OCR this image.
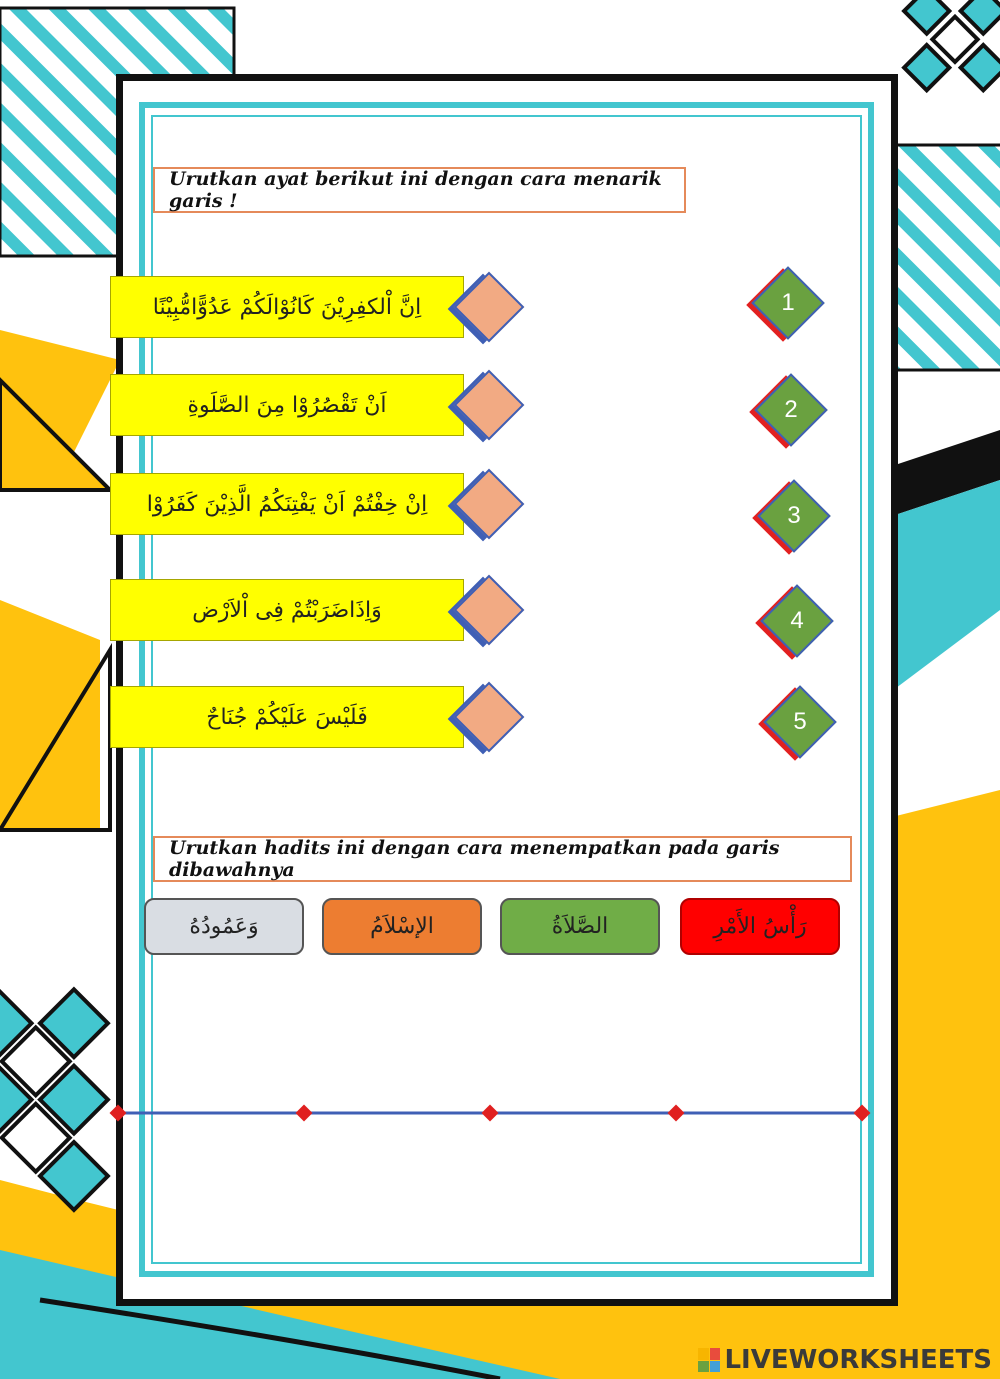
Urutkan ayat berikut ini dengan cara menarik garis !
اِنَّ اْلكفِرِيْنَ كَانُوْالَكُمْ عَدُوًّامُّبِيْنًا
اَنْ تَقْصُرُوْا مِنَ الصَّلَوةِ
اِنْ خِفْتُمْ اَنْ يَفْتِنَكُمُ الَّذِيْنَ كَفَرُوْا
وَاِذَاضَرَبْتُمْ فِى اْلاَرْض
فَلَيْسَ عَلَيْكُمْ جُنَاحٌ
1
2
3
4
5
Urutkan hadits ini dengan cara menempatkan pada garis dibawahnya
وَعَمُودُهُ	الإسْلاَمُ	الصَّلاَةُ	رَأْسُ الأَمْرِ
LIVEWORKSHEETS
